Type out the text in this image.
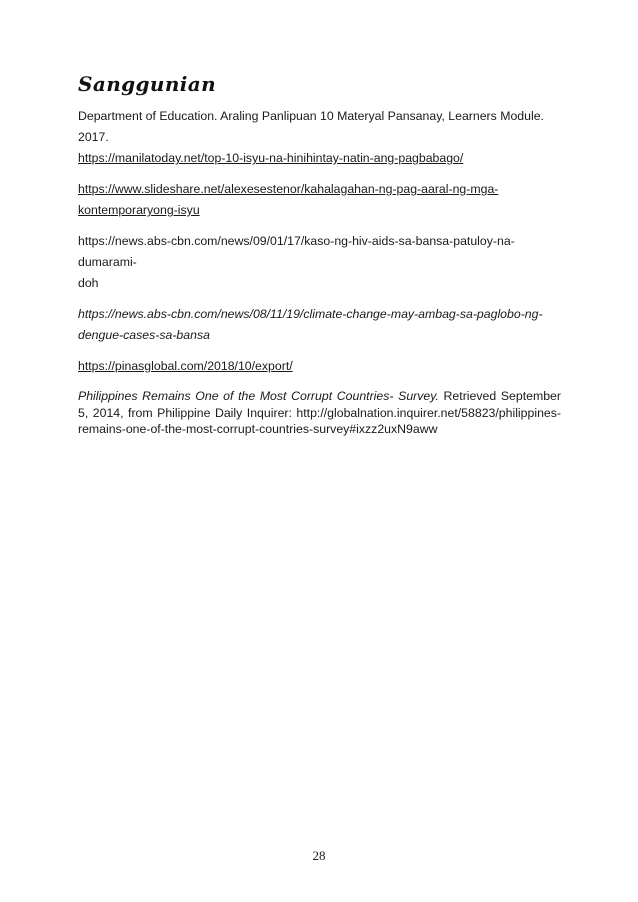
Sanggunian

Department of Education. Araling Panlipuan 10 Materyal Pansanay, Learners Module. 2017.

https://manilatoday.net/top-10-isyu-na-hinihintay-natin-ang-pagbabago/

https://www.slideshare.net/alexesestenor/kahalagahan-ng-pag-aaral-ng-mga-
kontemporaryong-isyu

https://news.abs-cbn.com/news/09/01/17/kaso-ng-hiv-aids-sa-bansa-patuloy-na-dumarami-
doh

https://news.abs-cbn.com/news/08/11/19/climate-change-may-ambag-sa-paglobo-ng-
dengue-cases-sa-bansa

https://pinasglobal.com/2018/10/export/

Philippines Remains One of the Most Corrupt Countries- Survey. Retrieved September 5, 2014, from Philippine Daily Inquirer: http://globalnation.inquirer.net/58823/philippines-remains-one-of-the-most-corrupt-countries-survey#ixzz2uxN9aww

28
